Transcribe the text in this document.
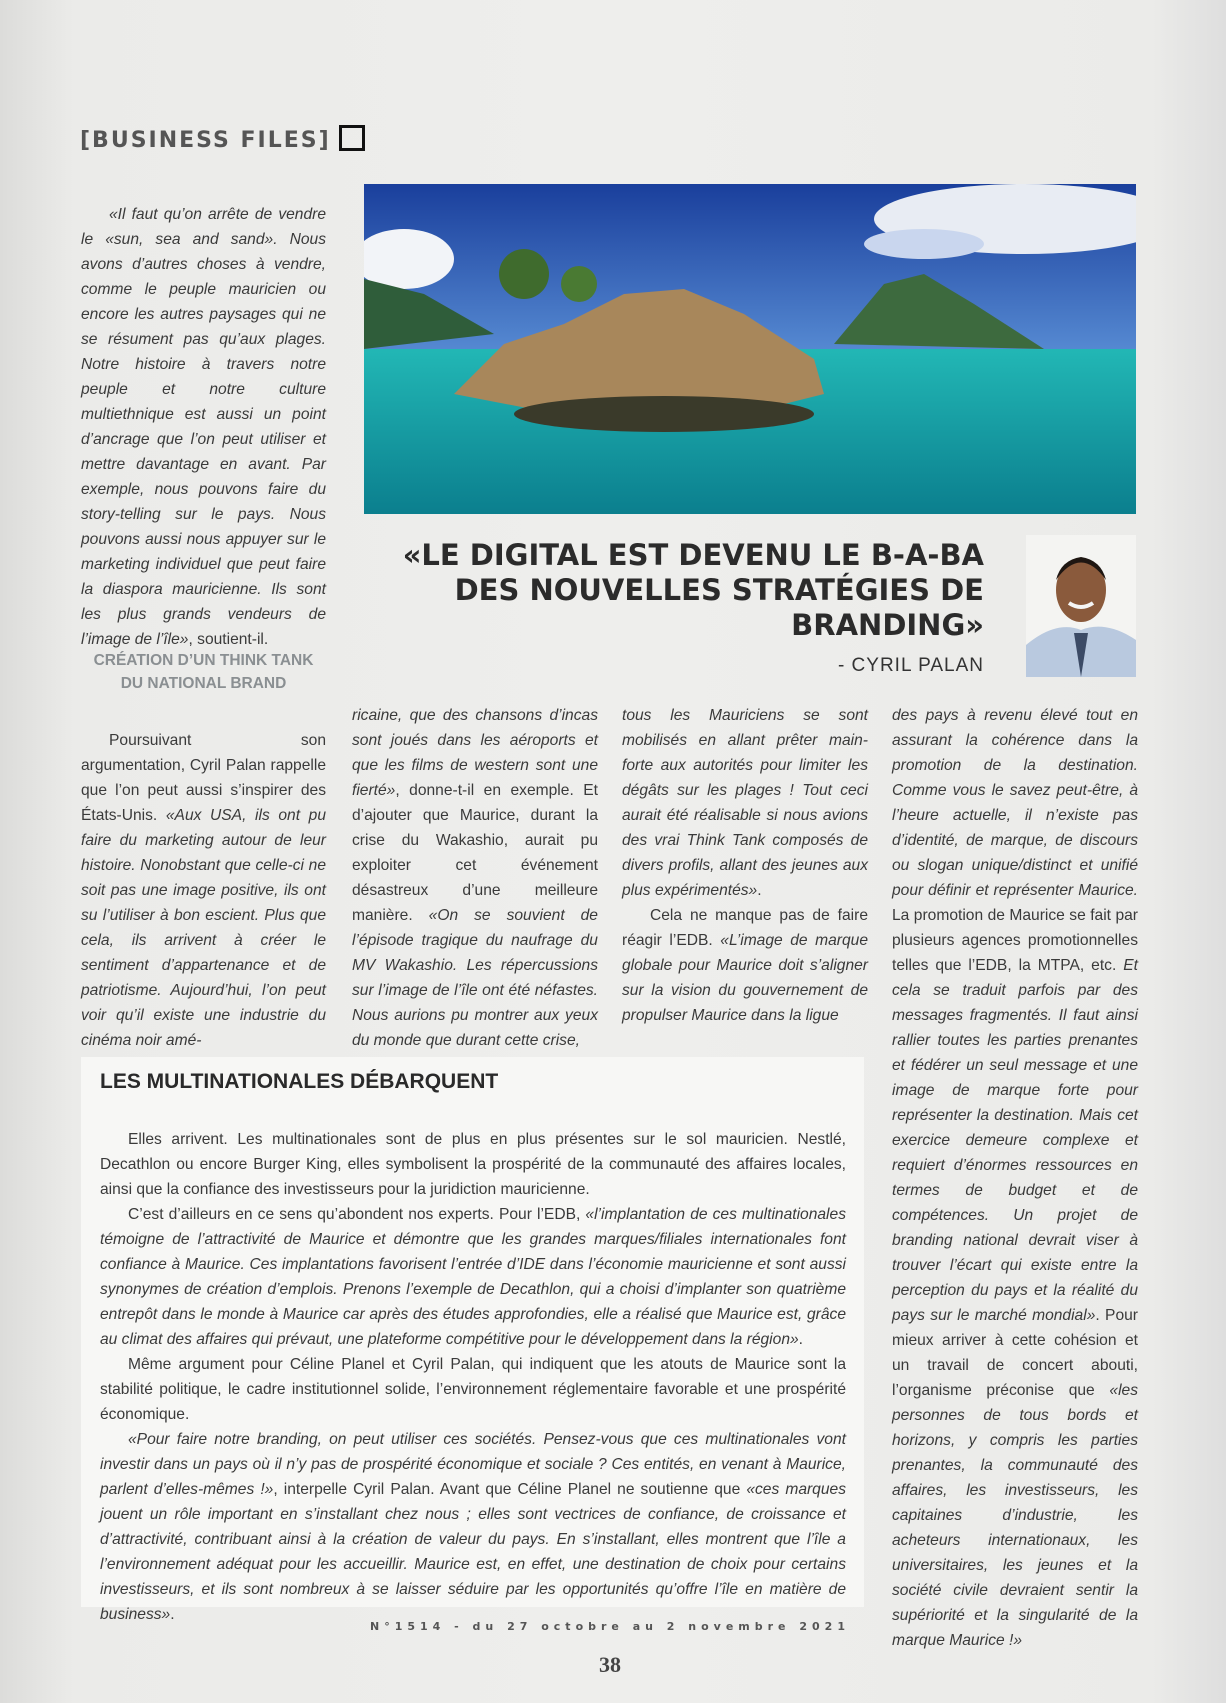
[BUSINESS FILES]

«Il faut qu’on arrête de vendre le «sun, sea and sand». Nous avons d’autres choses à vendre, comme le peuple mauricien ou encore les autres paysages qui ne se résument pas qu’aux plages. Notre histoire à travers notre peuple et notre culture multiethnique est aussi un point d’ancrage que l’on peut utiliser et mettre davantage en avant. Par exemple, nous pouvons faire du story-telling sur le pays. Nous pouvons aussi nous appuyer sur le marketing individuel que peut faire la diaspora mauricienne. Ils sont les plus grands vendeurs de l’image de l’île», soutient-il.

CRÉATION D’UN THINK TANK DU NATIONAL BRAND

Poursuivant son argumentation, Cyril Palan rappelle que l’on peut aussi s’inspirer des États-Unis. «Aux USA, ils ont pu faire du marketing autour de leur histoire. Nonobstant que celle-ci ne soit pas une image positive, ils ont su l’utiliser à bon escient. Plus que cela, ils arrivent à créer le sentiment d’appartenance et de patriotisme. Aujourd’hui, l’on peut voir qu’il existe une industrie du cinéma noir amé-

«LE DIGITAL EST DEVENU LE B-A-BA DES NOUVELLES STRATÉGIES DE BRANDING»
- CYRIL PALAN

ricaine, que des chansons d’incas sont joués dans les aéroports et que les films de western sont une fierté», donne-t-il en exemple. Et d’ajouter que Maurice, durant la crise du Wakashio, aurait pu exploiter cet événement désastreux d’une meilleure manière. «On se souvient de l’épisode tragique du naufrage du MV Wakashio. Les répercussions sur l’image de l’île ont été néfastes. Nous aurions pu montrer aux yeux du monde que durant cette crise,

tous les Mauriciens se sont mobilisés en allant prêter main-forte aux autorités pour limiter les dégâts sur les plages ! Tout ceci aurait été réalisable si nous avions des vrai Think Tank composés de divers profils, allant des jeunes aux plus expérimentés».

Cela ne manque pas de faire réagir l’EDB. «L’image de marque globale pour Maurice doit s’aligner sur la vision du gouvernement de propulser Maurice dans la ligue

des pays à revenu élevé tout en assurant la cohérence dans la promotion de la destination. Comme vous le savez peut-être, à l’heure actuelle, il n’existe pas d’identité, de marque, de discours ou slogan unique/distinct et unifié pour définir et représenter Maurice. La promotion de Maurice se fait par plusieurs agences promotionnelles telles que l’EDB, la MTPA, etc. Et cela se traduit parfois par des messages fragmentés. Il faut ainsi rallier toutes les parties prenantes et fédérer un seul message et une image de marque forte pour représenter la destination. Mais cet exercice demeure complexe et requiert d’énormes ressources en termes de budget et de compétences. Un projet de branding national devrait viser à trouver l’écart qui existe entre la perception du pays et la réalité du pays sur le marché mondial». Pour mieux arriver à cette cohésion et un travail de concert abouti, l’organisme préconise que «les personnes de tous bords et horizons, y compris les parties prenantes, la communauté des affaires, les investisseurs, les capitaines d’industrie, les acheteurs internationaux, les universitaires, les jeunes et la société civile devraient sentir la supériorité et la singularité de la marque Maurice !»

LES MULTINATIONALES DÉBARQUENT

Elles arrivent. Les multinationales sont de plus en plus présentes sur le sol mauricien. Nestlé, Decathlon ou encore Burger King, elles symbolisent la prospérité de la communauté des affaires locales, ainsi que la confiance des investisseurs pour la juridiction mauricienne.

C’est d’ailleurs en ce sens qu’abondent nos experts. Pour l’EDB, «l’implantation de ces multinationales témoigne de l’attractivité de Maurice et démontre que les grandes marques/filiales internationales font confiance à Maurice. Ces implantations favorisent l’entrée d’IDE dans l’économie mauricienne et sont aussi synonymes de création d’emplois. Prenons l’exemple de Decathlon, qui a choisi d’implanter son quatrième entrepôt dans le monde à Maurice car après des études approfondies, elle a réalisé que Maurice est, grâce au climat des affaires qui prévaut, une plateforme compétitive pour le développement dans la région».

Même argument pour Céline Planel et Cyril Palan, qui indiquent que les atouts de Maurice sont la stabilité politique, le cadre institutionnel solide, l’environnement réglementaire favorable et une prospérité économique.

«Pour faire notre branding, on peut utiliser ces sociétés. Pensez-vous que ces multinationales vont investir dans un pays où il n’y pas de prospérité économique et sociale ? Ces entités, en venant à Maurice, parlent d’elles-mêmes !», interpelle Cyril Palan. Avant que Céline Planel ne soutienne que «ces marques jouent un rôle important en s’installant chez nous ; elles sont vectrices de confiance, de croissance et d’attractivité, contribuant ainsi à la création de valeur du pays. En s’installant, elles montrent que l’île a l’environnement adéquat pour les accueillir. Maurice est, en effet, une destination de choix pour certains investisseurs, et ils sont nombreux à se laisser séduire par les opportunités qu’offre l’île en matière de business».

N°1514 - du 27 octobre au 2 novembre 2021
38
